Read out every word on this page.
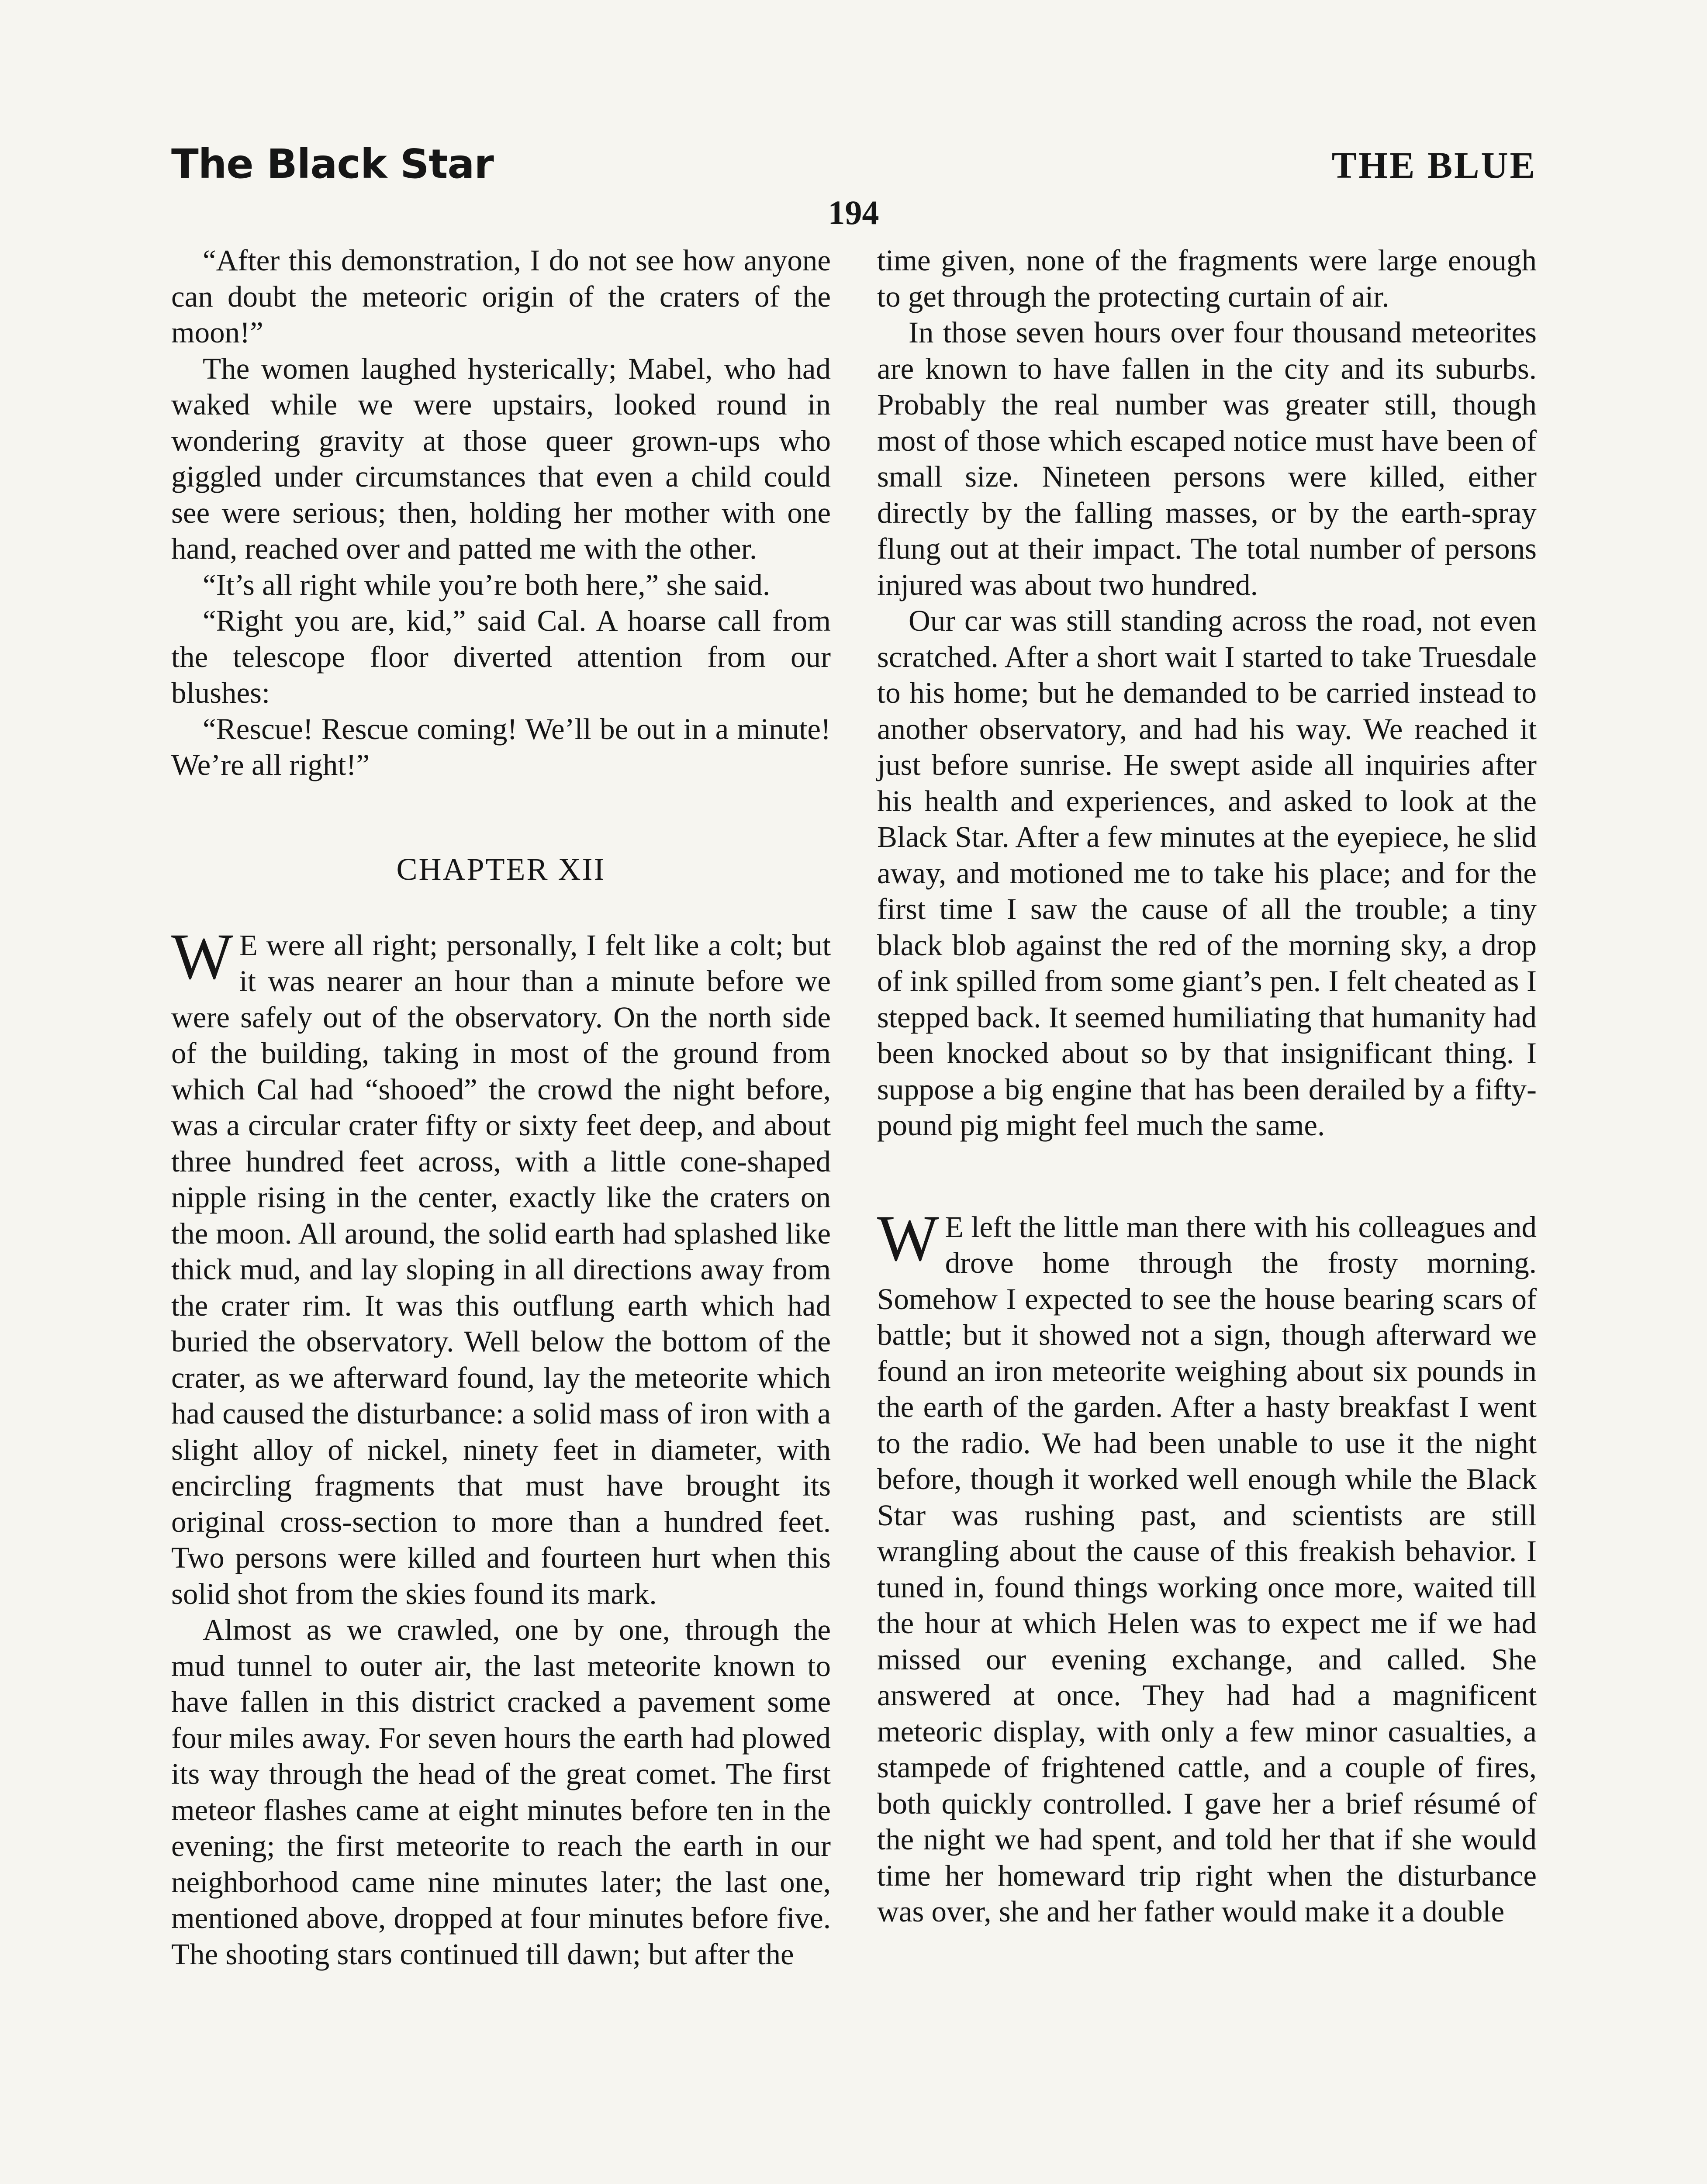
The Black Star	THE BLUE
194

“After this demonstration, I do not see how anyone can doubt the meteoric origin of the craters of the moon!”

The women laughed hysterically; Mabel, who had waked while we were upstairs, looked round in wondering gravity at those queer grown-ups who giggled under circumstances that even a child could see were serious; then, holding her mother with one hand, reached over and patted me with the other.

“It’s all right while you’re both here,” she said.

“Right you are, kid,” said Cal. A hoarse call from the telescope floor diverted attention from our blushes:

“Rescue! Rescue coming! We’ll be out in a minute! We’re all right!”

CHAPTER XII

W E were all right; personally, I felt like a colt; but it was nearer an hour than a minute before we were safely out of the observatory. On the north side of the building, taking in most of the ground from which Cal had “shooed” the crowd the night before, was a circular crater fifty or sixty feet deep, and about three hundred feet across, with a little cone-shaped nipple rising in the center, exactly like the craters on the moon. All around, the solid earth had splashed like thick mud, and lay sloping in all directions away from the crater rim. It was this outflung earth which had buried the observatory. Well below the bottom of the crater, as we afterward found, lay the meteorite which had caused the disturbance: a solid mass of iron with a slight alloy of nickel, ninety feet in diameter, with encircling fragments that must have brought its original cross-section to more than a hundred feet. Two persons were killed and fourteen hurt when this solid shot from the skies found its mark.

Almost as we crawled, one by one, through the mud tunnel to outer air, the last meteorite known to have fallen in this district cracked a pavement some four miles away. For seven hours the earth had plowed its way through the head of the great comet. The first meteor flashes came at eight minutes before ten in the evening; the first meteorite to reach the earth in our neighborhood came nine minutes later; the last one, mentioned above, dropped at four minutes before five. The shooting stars continued till dawn; but after the

time given, none of the fragments were large enough to get through the protecting curtain of air.

In those seven hours over four thousand meteorites are known to have fallen in the city and its suburbs. Probably the real number was greater still, though most of those which escaped notice must have been of small size. Nineteen persons were killed, either directly by the falling masses, or by the earth-spray flung out at their impact. The total number of persons injured was about two hundred.

Our car was still standing across the road, not even scratched. After a short wait I started to take Truesdale to his home; but he demanded to be carried instead to another observatory, and had his way. We reached it just before sunrise. He swept aside all inquiries after his health and experiences, and asked to look at the Black Star. After a few minutes at the eyepiece, he slid away, and motioned me to take his place; and for the first time I saw the cause of all the trouble; a tiny black blob against the red of the morning sky, a drop of ink spilled from some giant’s pen. I felt cheated as I stepped back. It seemed humiliating that humanity had been knocked about so by that insignificant thing. I suppose a big engine that has been derailed by a fifty-pound pig might feel much the same.

W E left the little man there with his colleagues and drove home through the frosty morning. Somehow I expected to see the house bearing scars of battle; but it showed not a sign, though afterward we found an iron meteorite weighing about six pounds in the earth of the garden. After a hasty breakfast I went to the radio. We had been unable to use it the night before, though it worked well enough while the Black Star was rushing past, and scientists are still wrangling about the cause of this freakish behavior. I tuned in, found things working once more, waited till the hour at which Helen was to expect me if we had missed our evening exchange, and called. She answered at once. They had had a magnificent meteoric display, with only a few minor casualties, a stampede of frightened cattle, and a couple of fires, both quickly controlled. I gave her a brief résumé of the night we had spent, and told her that if she would time her homeward trip right when the disturbance was over, she and her father would make it a double
